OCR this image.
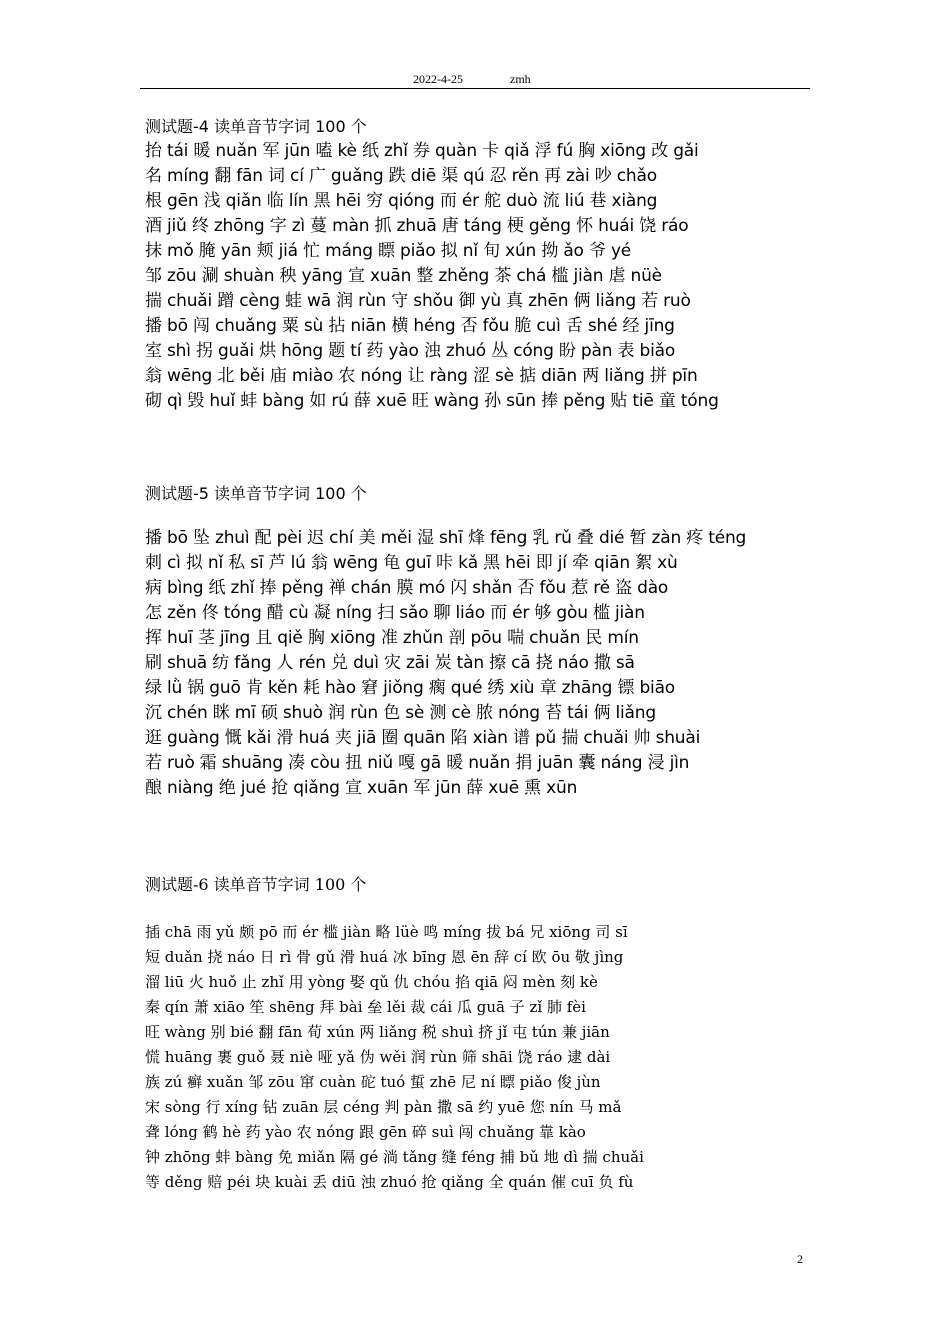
2022-4-25	zmh
测试题-4 读单音节字词 100 个
抬 tái 暖 nuǎn 军 jūn 嗑 kè 纸 zhǐ 券 quàn 卡 qiǎ 浮 fú 胸 xiōng 改 gǎi
名 míng 翻 fān 词 cí 广 guǎng 跌 diē 渠 qú 忍 rěn 再 zài 吵 chǎo
根 gēn 浅 qiǎn 临 lín 黑 hēi 穷 qióng 而 ér 舵 duò 流 liú 巷 xiàng
酒 jiǔ 终 zhōng 字 zì 蔓 màn 抓 zhuā 唐 táng 梗 gěng 怀 huái 饶 ráo
抹 mǒ 腌 yān 颊 jiá 忙 máng 瞟 piǎo 拟 nǐ 旬 xún 拗 ǎo 爷 yé
邹 zōu 涮 shuàn 秧 yāng 宣 xuān 整 zhěng 茶 chá 槛 jiàn 虐 nüè
揣 chuǎi 蹭 cèng 蛙 wā 润 rùn 守 shǒu 御 yù 真 zhēn 俩 liǎng 若 ruò
播 bō 闯 chuǎng 粟 sù 拈 niān 横 héng 否 fǒu 脆 cuì 舌 shé 经 jīng
室 shì 拐 guǎi 烘 hōng 题 tí 药 yào 浊 zhuó 丛 cóng 盼 pàn 表 biǎo
翁 wēng 北 běi 庙 miào 农 nóng 让 ràng 涩 sè 掂 diān 两 liǎng 拼 pīn
砌 qì 毁 huǐ 蚌 bàng 如 rú 薛 xuē 旺 wàng 孙 sūn 捧 pěng 贴 tiē 童 tóng
测试题-5 读单音节字词 100 个
播 bō 坠 zhuì 配 pèi 迟 chí 美 měi 湿 shī 烽 fēng 乳 rǔ 叠 dié 暂 zàn 疼 téng
刺 cì 拟 nǐ 私 sī 芦 lú 翁 wēng 龟 guī 咔 kǎ 黑 hēi 即 jí 牵 qiān 絮 xù
病 bìng 纸 zhǐ 捧 pěng 禅 chán 膜 mó 闪 shǎn 否 fǒu 惹 rě 盗 dào
怎 zěn 佟 tóng 醋 cù 凝 níng 扫 sǎo 聊 liáo 而 ér 够 gòu 槛 jiàn
挥 huī 茎 jīng 且 qiě 胸 xiōng 准 zhǔn 剖 pōu 喘 chuǎn 民 mín
刷 shuā 纺 fǎng 人 rén 兑 duì 灾 zāi 炭 tàn 擦 cā 挠 náo 撒 sā
绿 lǜ 锅 guō 肯 kěn 耗 hào 窘 jiǒng 瘸 qué 绣 xiù 章 zhāng 镖 biāo
沉 chén 眯 mī 硕 shuò 润 rùn 色 sè 测 cè 脓 nóng 苔 tái 俩 liǎng
逛 guàng 慨 kǎi 滑 huá 夹 jiā 圈 quān 陷 xiàn 谱 pǔ 揣 chuǎi 帅 shuài
若 ruò 霜 shuāng 凑 còu 扭 niǔ 嘎 gā 暖 nuǎn 捐 juān 囊 náng 浸 jìn
酿 niàng 绝 jué 抢 qiǎng 宣 xuān 军 jūn 薛 xuē 熏 xūn
测试题-6 读单音节字词 100 个
插 chā 雨 yǔ 颇 pō 而 ér 槛 jiàn 略 lüè 鸣 míng 拔 bá 兄 xiōng 司 sī
短 duǎn 挠 náo 日 rì 骨 gǔ 滑 huá 冰 bīng 恩 ēn 辞 cí 欧 ōu 敬 jìng
溜 liū 火 huǒ 止 zhǐ 用 yòng 娶 qǔ 仇 chóu 掐 qiā 闷 mèn 刻 kè
秦 qín 萧 xiāo 笙 shēng 拜 bài 垒 lěi 裁 cái 瓜 guā 子 zǐ 肺 fèi
旺 wàng 别 bié 翻 fān 荀 xún 两 liǎng 税 shuì 挤 jǐ 屯 tún 兼 jiān
慌 huāng 裹 guǒ 聂 niè 哑 yǎ 伪 wěi 润 rùn 筛 shāi 饶 ráo 逮 dài
族 zú 癣 xuǎn 邹 zōu 窜 cuàn 砣 tuó 蜇 zhē 尼 ní 瞟 piǎo 俊 jùn
宋 sòng 行 xíng 钻 zuān 层 céng 判 pàn 撒 sā 约 yuē 您 nín 马 mǎ
聋 lóng 鹤 hè 药 yào 农 nóng 跟 gēn 碎 suì 闯 chuǎng 靠 kào
钟 zhōng 蚌 bàng 免 miǎn 隔 gé 淌 tǎng 缝 féng 捕 bǔ 地 dì 揣 chuǎi
等 děng 赔 péi 块 kuài 丢 diū 浊 zhuó 抢 qiǎng 全 quán 催 cuī 负 fù
2
